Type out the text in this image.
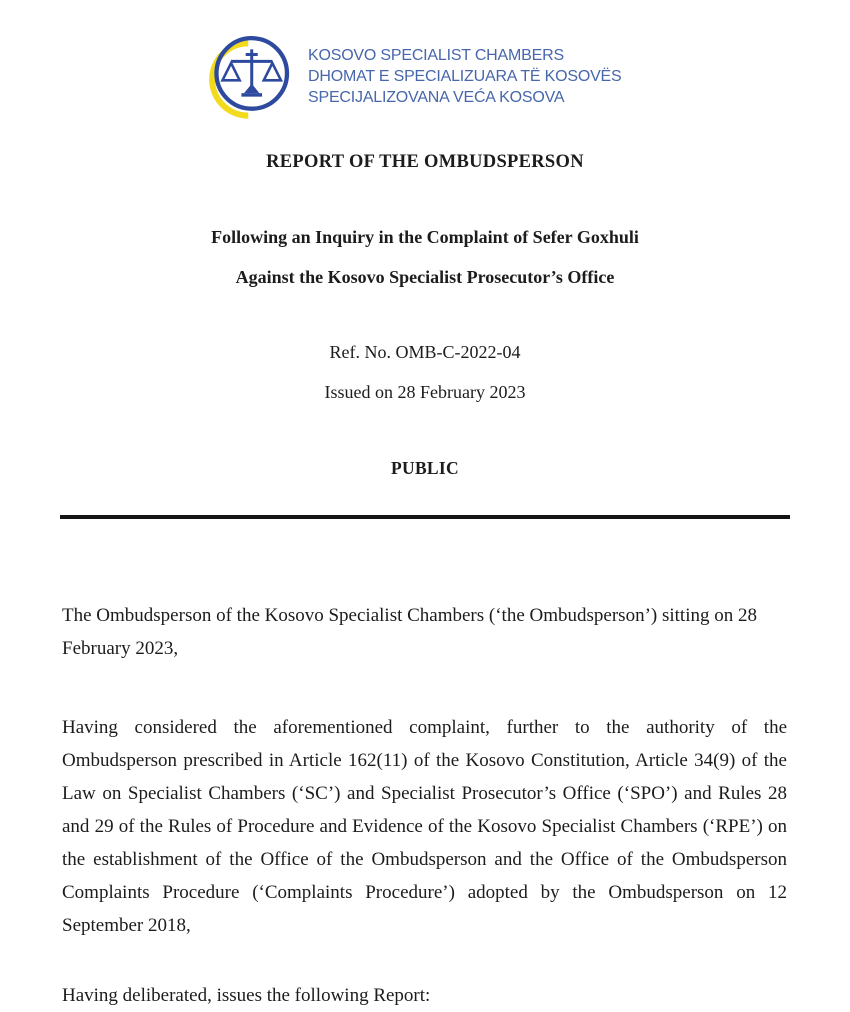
KOSOVO SPECIALIST CHAMBERS
DHOMAT E SPECIALIZUARA TË KOSOVËS
SPECIJALIZOVANA VEĆA KOSOVA
REPORT OF THE OMBUDSPERSON
Following an Inquiry in the Complaint of Sefer Goxhuli
Against the Kosovo Specialist Prosecutor’s Office

Ref. No. OMB-C-2022-04

Issued on 28 February 2023

PUBLIC

The Ombudsperson of the Kosovo Specialist Chambers (‘the Ombudsperson’) sitting on 28 February 2023,

Having considered the aforementioned complaint, further to the authority of the Ombudsperson prescribed in Article 162(11) of the Kosovo Constitution, Article 34(9) of the Law on Specialist Chambers (‘SC’) and Specialist Prosecutor’s Office (‘SPO’) and Rules 28 and 29 of the Rules of Procedure and Evidence of the Kosovo Specialist Chambers (‘RPE’) on the establishment of the Office of the Ombudsperson and the Office of the Ombudsperson Complaints Procedure (‘Complaints Procedure’) adopted by the Ombudsperson on 12 September 2018,

Having deliberated, issues the following Report:
